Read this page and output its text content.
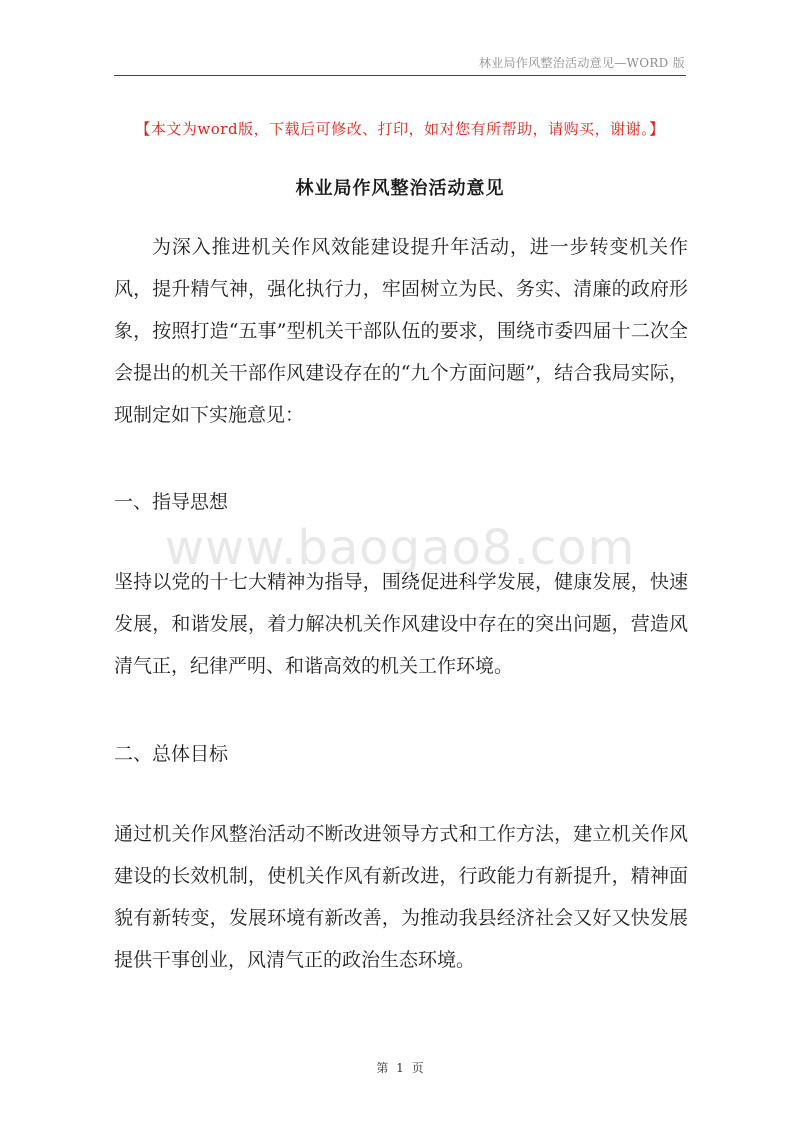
林业局作风整治活动意见—WORD 版
【本文为word版，下载后可修改、打印，如对您有所帮助，请购买，谢谢。】
林业局作风整治活动意见

为深入推进机关作风效能建设提升年活动，进一步转变机关作风，提升精气神，强化执行力，牢固树立为民、务实、清廉的政府形象，按照打造“五事”型机关干部队伍的要求，围绕市委四届十二次全会提出的机关干部作风建设存在的“九个方面问题”，结合我局实际，现制定如下实施意见：

一、指导思想

www.baogao8.com

坚持以党的十七大精神为指导，围绕促进科学发展，健康发展，快速发展，和谐发展，着力解决机关作风建设中存在的突出问题，营造风清气正，纪律严明、和谐高效的机关工作环境。

二、总体目标

通过机关作风整治活动不断改进领导方式和工作方法，建立机关作风建设的长效机制，使机关作风有新改进，行政能力有新提升，精神面貌有新转变，发展环境有新改善，为推动我县经济社会又好又快发展提供干事创业，风清气正的政治生态环境。

第 1 页
